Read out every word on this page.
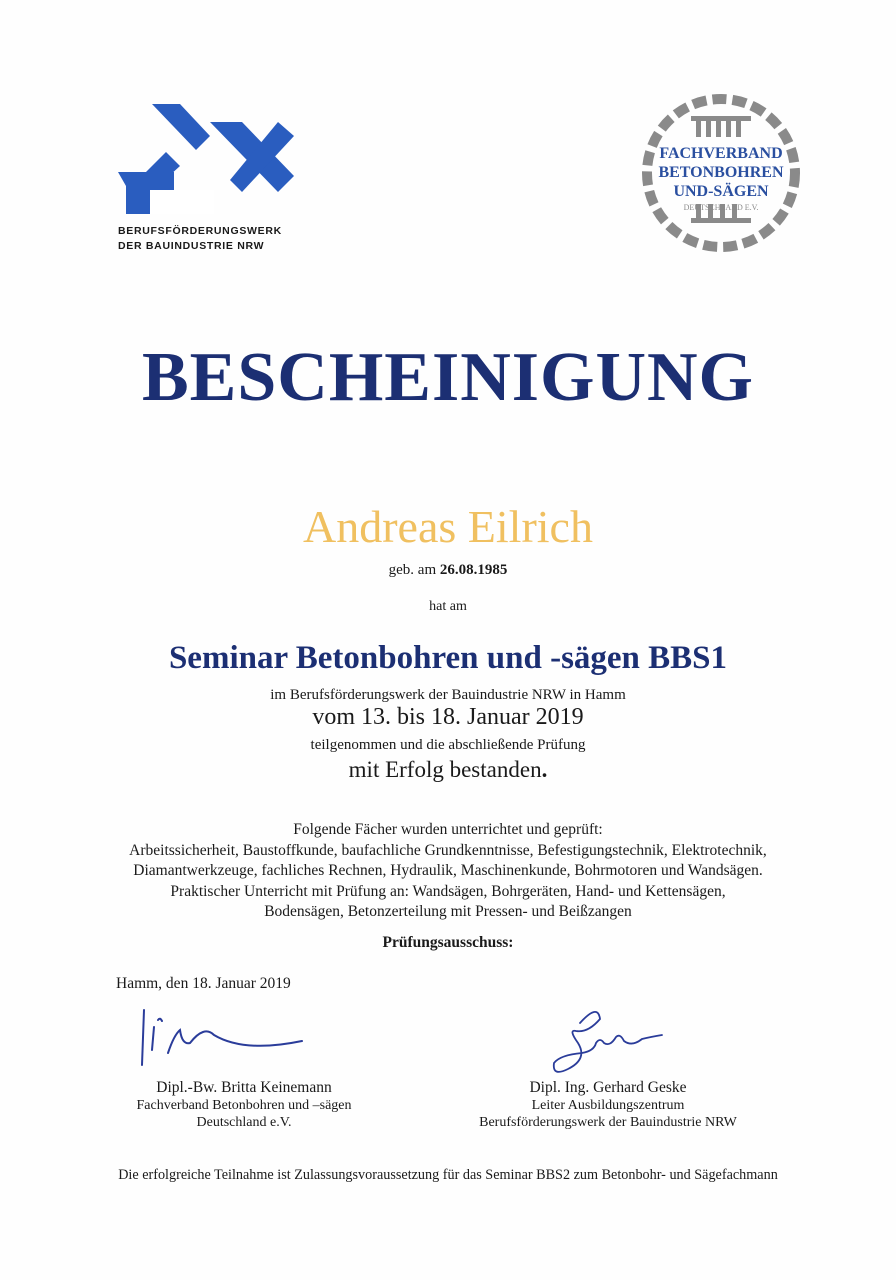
BERUFSFÖRDERUNGSWERK
DER BAUINDUSTRIE NRW
FACHVERBAND
BETONBOHREN
UND-SÄGEN
DEUTSCHLAND E.V.
BESCHEINIGUNG
Andreas Eilrich
geb. am 26.08.1985
hat am
Seminar Betonbohren und -sägen BBS1
im Berufsförderungswerk der Bauindustrie NRW in Hamm
vom 13. bis 18. Januar 2019
teilgenommen und die abschließende Prüfung
mit Erfolg bestanden.
Folgende Fächer wurden unterrichtet und geprüft:
Arbeitssicherheit, Baustoffkunde, baufachliche Grundkenntnisse, Befestigungstechnik, Elektrotechnik,
Diamantwerkzeuge, fachliches Rechnen, Hydraulik, Maschinenkunde, Bohrmotoren und Wandsägen.
Praktischer Unterricht mit Prüfung an: Wandsägen, Bohrgeräten, Hand- und Kettensägen,
Bodensägen, Betonzerteilung mit Pressen- und Beißzangen
Prüfungsausschuss:
Hamm, den 18. Januar 2019
Dipl.-Bw. Britta Keinemann
Fachverband Betonbohren und –sägen
Deutschland e.V.
Dipl. Ing. Gerhard Geske
Leiter Ausbildungszentrum
Berufsförderungswerk der Bauindustrie NRW
Die erfolgreiche Teilnahme ist Zulassungsvoraussetzung für das Seminar BBS2 zum Betonbohr- und Sägefachmann
